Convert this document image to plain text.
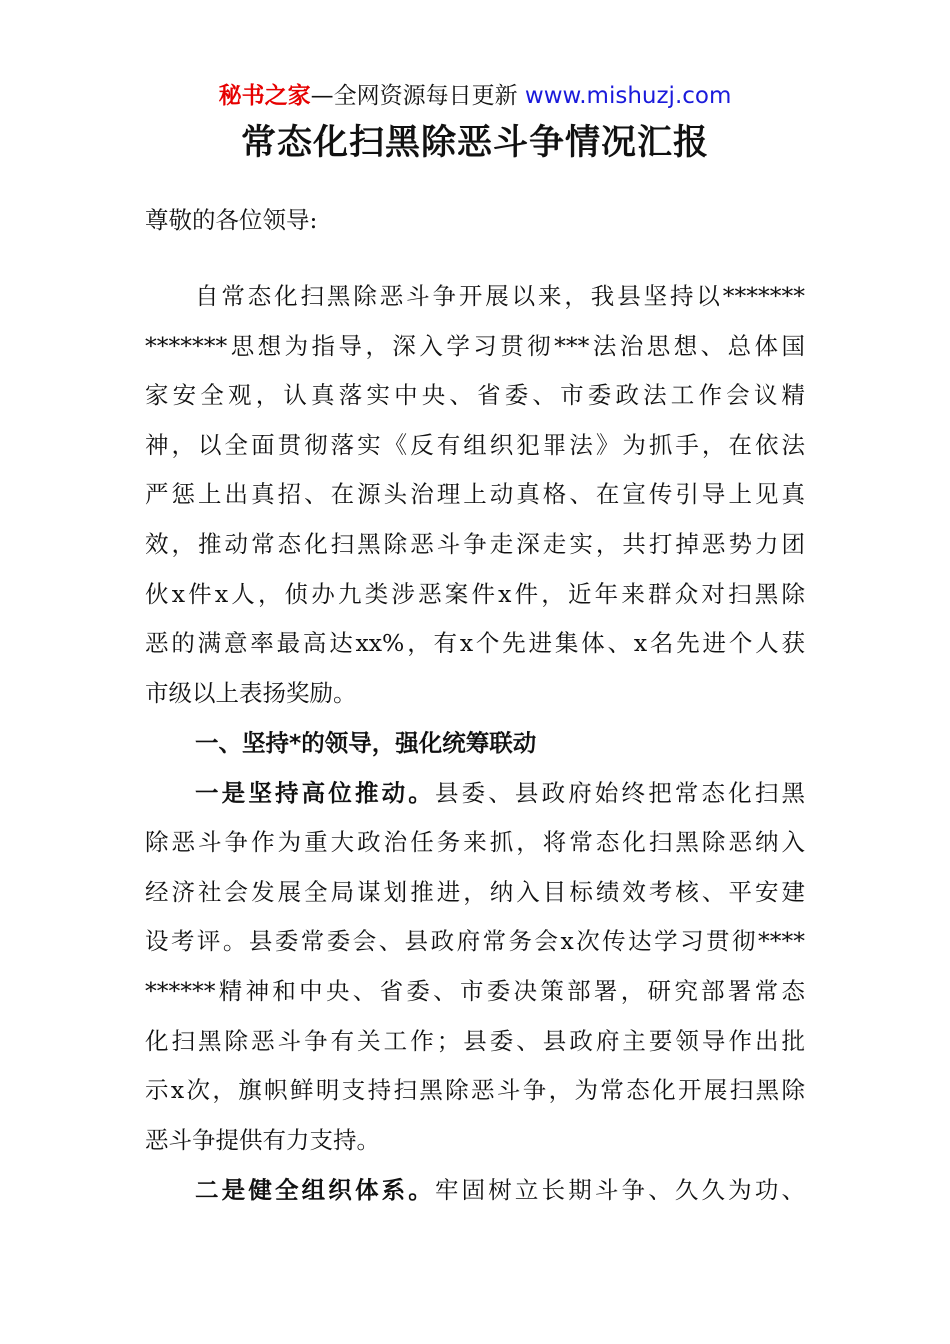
秘书之家—全网资源每日更新 www.mishuzj.com
常态化扫黑除恶斗争情况汇报
尊敬的各位领导:
自常态化扫黑除恶斗争开展以来，我县坚持以*******
*******思想为指导，深入学习贯彻***法治思想、总体国
家安全观，认真落实中央、省委、市委政法工作会议精
神，以全面贯彻落实《反有组织犯罪法》为抓手，在依法
严惩上出真招、在源头治理上动真格、在宣传引导上见真
效，推动常态化扫黑除恶斗争走深走实，共打掉恶势力团
伙x件x人，侦办九类涉恶案件x件，近年来群众对扫黑除
恶的满意率最高达xx%，有x个先进集体、x名先进个人获
市级以上表扬奖励。
一、坚持*的领导，强化统筹联动
一是坚持高位推动。县委、县政府始终把常态化扫黑
除恶斗争作为重大政治任务来抓，将常态化扫黑除恶纳入
经济社会发展全局谋划推进，纳入目标绩效考核、平安建
设考评。县委常委会、县政府常务会x次传达学习贯彻****
******精神和中央、省委、市委决策部署，研究部署常态
化扫黑除恶斗争有关工作；县委、县政府主要领导作出批
示x次，旗帜鲜明支持扫黑除恶斗争，为常态化开展扫黑除
恶斗争提供有力支持。
二是健全组织体系。牢固树立长期斗争、久久为功、
